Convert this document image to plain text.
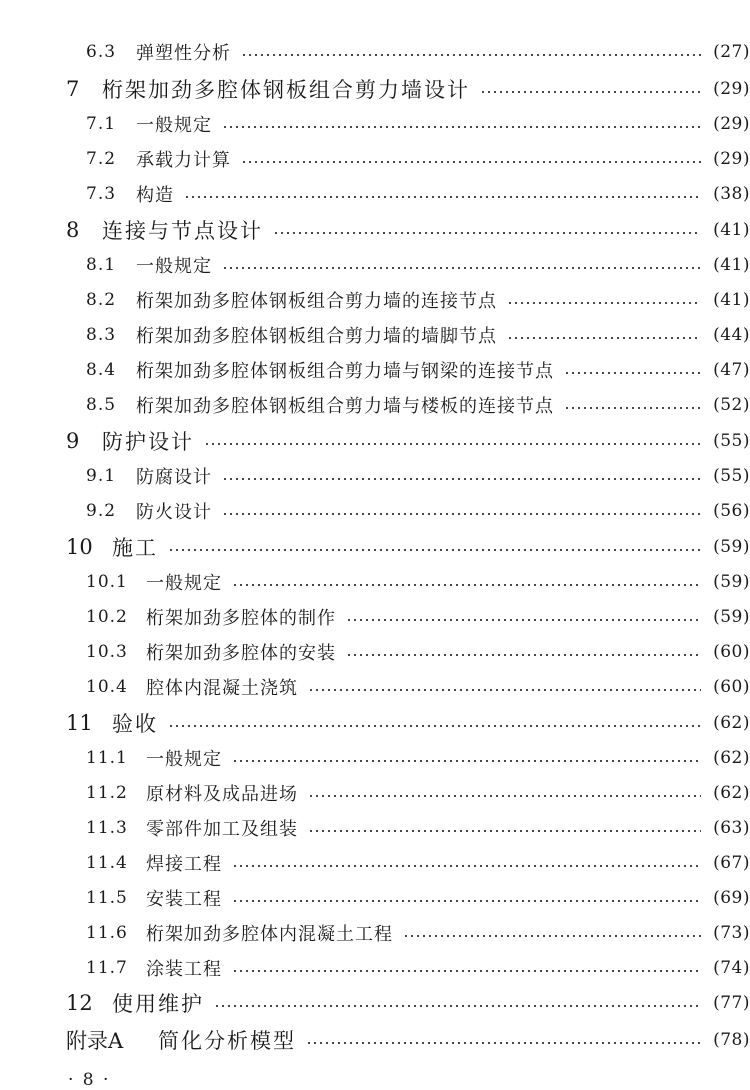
6.3	弹塑性分析	(27)
7	桁架加劲多腔体钢板组合剪力墙设计	(29)
7.1	一般规定	(29)
7.2	承载力计算	(29)
7.3	构造	(38)
8	连接与节点设计	(41)
8.1	一般规定	(41)
8.2	桁架加劲多腔体钢板组合剪力墙的连接节点	(41)
8.3	桁架加劲多腔体钢板组合剪力墙的墙脚节点	(44)
8.4	桁架加劲多腔体钢板组合剪力墙与钢梁的连接节点	(47)
8.5	桁架加劲多腔体钢板组合剪力墙与楼板的连接节点	(52)
9	防护设计	(55)
9.1	防腐设计	(55)
9.2	防火设计	(56)
10 施工	(59)
10.1	一般规定	(59)
10.2	桁架加劲多腔体的制作	(59)
10.3	桁架加劲多腔体的安装	(60)
10.4	腔体内混凝土浇筑	(60)
11 验收	(62)
11.1	一般规定	(62)
11.2	原材料及成品进场	(62)
11.3	零部件加工及组装	(63)
11.4	焊接工程	(67)
11.5	安装工程	(69)
11.6	桁架加劲多腔体内混凝土工程	(73)
11.7	涂装工程	(74)
12 使用维护	(77)
附录A	简化分析模型	(78)
· 8 ·
